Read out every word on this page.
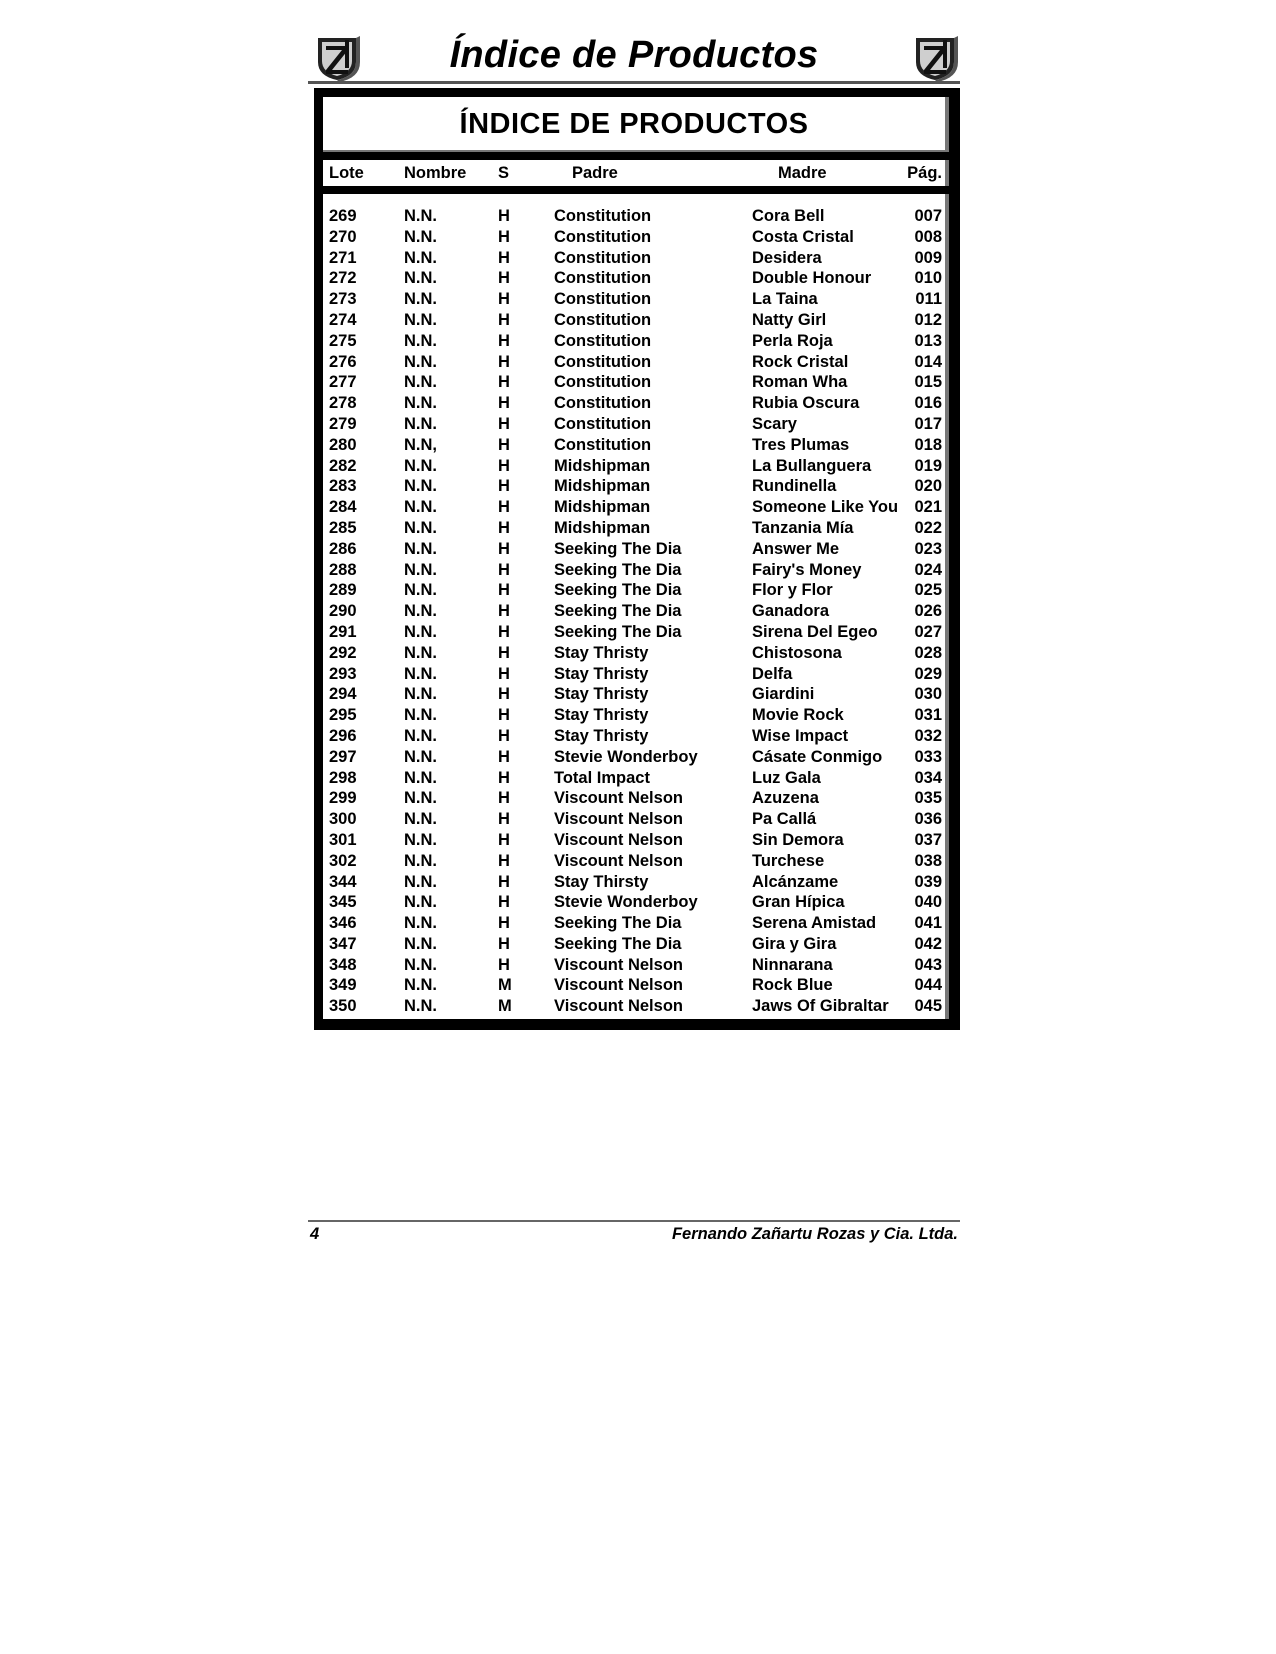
Índice de Productos
ÍNDICE DE PRODUCTOS
Lote Nombre S	Padre	Madre	Pág.
269	N.N.	H	Constitution	Cora Bell	007
270	N.N.	H	Constitution	Costa Cristal	008
271	N.N.	H	Constitution	Desidera	009
272	N.N.	H	Constitution	Double Honour	010
273	N.N.	H	Constitution	La Taina	011
274	N.N.	H	Constitution	Natty Girl	012
275	N.N.	H	Constitution	Perla Roja	013
276	N.N.	H	Constitution	Rock Cristal	014
277	N.N.	H	Constitution	Roman Wha	015
278	N.N.	H	Constitution	Rubia Oscura	016
279	N.N.	H	Constitution	Scary	017
280	N.N,	H	Constitution	Tres Plumas	018
282	N.N.	H	Midshipman	La Bullanguera	019
283	N.N.	H	Midshipman	Rundinella	020
284	N.N.	H	Midshipman	Someone Like You 021
285	N.N.	H	Midshipman	Tanzania Mía	022
286	N.N.	H	Seeking The Dia	Answer Me	023
288	N.N.	H	Seeking The Dia	Fairy's Money	024
289	N.N.	H	Seeking The Dia	Flor y Flor	025
290	N.N.	H	Seeking The Dia	Ganadora	026
291	N.N.	H	Seeking The Dia	Sirena Del Egeo 027
292	N.N.	H	Stay Thristy	Chistosona	028
293	N.N.	H	Stay Thristy	Delfa	029
294	N.N.	H	Stay Thristy	Giardini	030
295	N.N.	H	Stay Thristy	Movie Rock	031
296	N.N.	H	Stay Thristy	Wise Impact	032
297	N.N.	H	Stevie Wonderboy	Cásate Conmigo 033
298	N.N.	H	Total Impact	Luz Gala	034
299	N.N.	H	Viscount Nelson	Azuzena	035
300	N.N.	H	Viscount Nelson	Pa Callá	036
301	N.N.	H	Viscount Nelson	Sin Demora	037
302	N.N.	H	Viscount Nelson	Turchese	038
344	N.N.	H	Stay Thirsty	Alcánzame	039
345	N.N.	H	Stevie Wonderboy	Gran Hípica	040
346	N.N.	H	Seeking The Dia	Serena Amistad 041
347	N.N.	H	Seeking The Dia	Gira y Gira	042
348	N.N.	H	Viscount Nelson	Ninnarana	043
349	N.N.	M	Viscount Nelson	Rock Blue	044
350	N.N.	M	Viscount Nelson	Jaws Of Gibraltar 045
4	Fernando Zañartu Rozas y Cia. Ltda.
